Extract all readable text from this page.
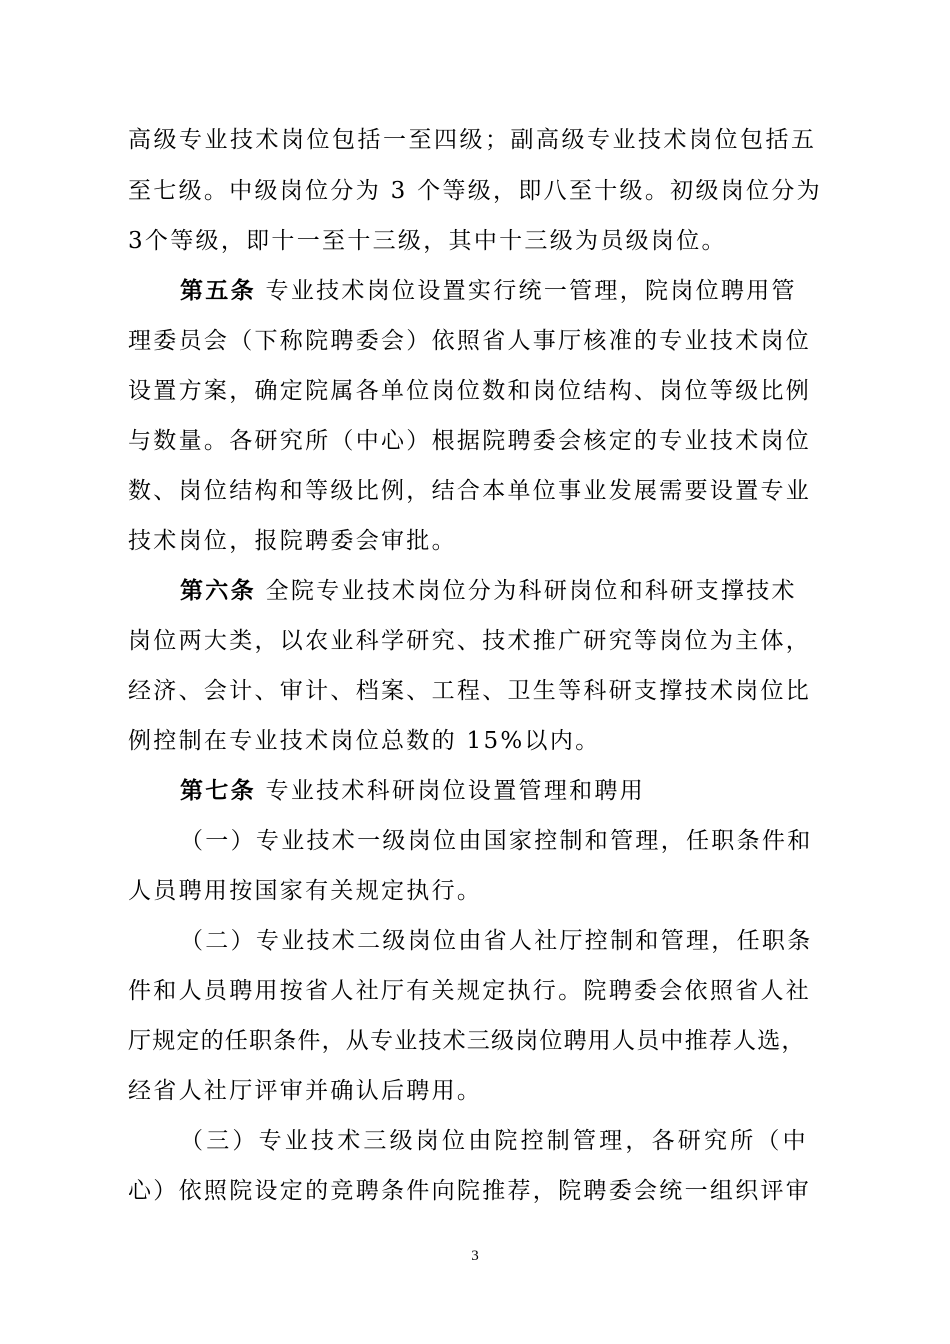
高级专业技术岗位包括一至四级；副高级专业技术岗位包括五
至七级。中级岗位分为 3 个等级，即八至十级。初级岗位分为
3个等级，即十一至十三级，其中十三级为员级岗位。
第五条 专业技术岗位设置实行统一管理，院岗位聘用管
理委员会（下称院聘委会）依照省人事厅核准的专业技术岗位
设置方案，确定院属各单位岗位数和岗位结构、岗位等级比例
与数量。各研究所（中心）根据院聘委会核定的专业技术岗位
数、岗位结构和等级比例，结合本单位事业发展需要设置专业
技术岗位，报院聘委会审批。
第六条 全院专业技术岗位分为科研岗位和科研支撑技术
岗位两大类，以农业科学研究、技术推广研究等岗位为主体，
经济、会计、审计、档案、工程、卫生等科研支撑技术岗位比
例控制在专业技术岗位总数的 15%以内。
第七条 专业技术科研岗位设置管理和聘用
（一）专业技术一级岗位由国家控制和管理，任职条件和
人员聘用按国家有关规定执行。
（二）专业技术二级岗位由省人社厅控制和管理，任职条
件和人员聘用按省人社厅有关规定执行。院聘委会依照省人社
厅规定的任职条件，从专业技术三级岗位聘用人员中推荐人选，
经省人社厅评审并确认后聘用。
（三）专业技术三级岗位由院控制管理，各研究所（中
心）依照院设定的竞聘条件向院推荐，院聘委会统一组织评审
3
